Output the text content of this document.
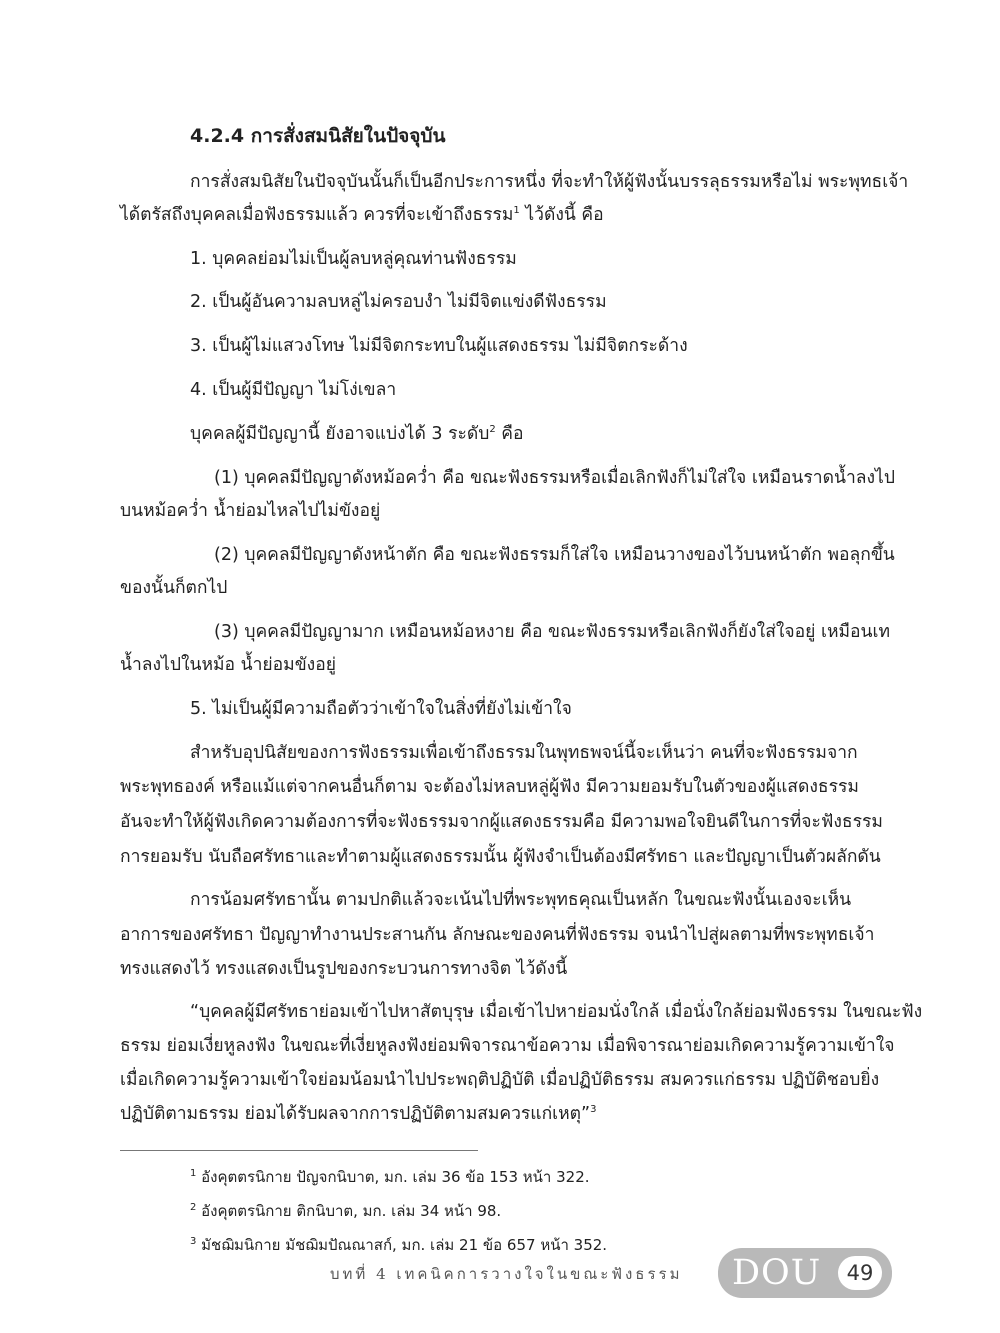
4.2.4 การสั่งสมนิสัยในปัจจุบัน

การสั่งสมนิสัยในปัจจุบันนั้นก็เป็นอีกประการหนึ่ง ที่จะทำให้ผู้ฟังนั้นบรรลุธรรมหรือไม่ พระพุทธเจ้า

ได้ตรัสถึงบุคคลเมื่อฟังธรรมแล้ว ควรที่จะเข้าถึงธรรม$^1$ ไว้ดังนี้ คือ

1. บุคคลย่อมไม่เป็นผู้ลบหลู่คุณท่านฟังธรรม

2. เป็นผู้อันความลบหลู่ไม่ครอบงำ ไม่มีจิตแข่งดีฟังธรรม

3. เป็นผู้ไม่แสวงโทษ ไม่มีจิตกระทบในผู้แสดงธรรม ไม่มีจิตกระด้าง

4. เป็นผู้มีปัญญา ไม่โง่เขลา

บุคคลผู้มีปัญญานี้ ยังอาจแบ่งได้ 3 ระดับ$^2$ คือ

(1) บุคคลมีปัญญาดังหม้อคว่ำ คือ ขณะฟังธรรมหรือเมื่อเลิกฟังก็ไม่ใส่ใจ เหมือนราดน้ำลงไป

บนหม้อคว่ำ น้ำย่อมไหลไปไม่ขังอยู่

(2) บุคคลมีปัญญาดังหน้าตัก คือ ขณะฟังธรรมก็ใส่ใจ เหมือนวางของไว้บนหน้าตัก พอลุกขึ้น

ของนั้นก็ตกไป

(3) บุคคลมีปัญญามาก เหมือนหม้อหงาย คือ ขณะฟังธรรมหรือเลิกฟังก็ยังใส่ใจอยู่ เหมือนเท

น้ำลงไปในหม้อ น้ำย่อมขังอยู่

5. ไม่เป็นผู้มีความถือตัวว่าเข้าใจในสิ่งที่ยังไม่เข้าใจ

สำหรับอุปนิสัยของการฟังธรรมเพื่อเข้าถึงธรรมในพุทธพจน์นี้จะเห็นว่า คนที่จะฟังธรรมจาก

พระพุทธองค์ หรือแม้แต่จากคนอื่นก็ตาม จะต้องไม่หลบหลู่ผู้ฟัง มีความยอมรับในตัวของผู้แสดงธรรม

อันจะทำให้ผู้ฟังเกิดความต้องการที่จะฟังธรรมจากผู้แสดงธรรมคือ มีความพอใจยินดีในการที่จะฟังธรรม

การยอมรับ นับถือศรัทธาและทำตามผู้แสดงธรรมนั้น ผู้ฟังจำเป็นต้องมีศรัทธา และปัญญาเป็นตัวผลักดัน

การน้อมศรัทธานั้น ตามปกติแล้วจะเน้นไปที่พระพุทธคุณเป็นหลัก ในขณะฟังนั้นเองจะเห็น

อาการของศรัทธา ปัญญาทำงานประสานกัน ลักษณะของคนที่ฟังธรรม จนนำไปสู่ผลตามที่พระพุทธเจ้า

ทรงแสดงไว้ ทรงแสดงเป็นรูปของกระบวนการทางจิต ไว้ดังนี้

“บุคคลผู้มีศรัทธาย่อมเข้าไปหาสัตบุรุษ เมื่อเข้าไปหาย่อมนั่งใกล้ เมื่อนั่งใกล้ย่อมฟังธรรม ในขณะฟัง

ธรรม ย่อมเงี่ยหูลงฟัง ในขณะที่เงี่ยหูลงฟังย่อมพิจารณาข้อความ เมื่อพิจารณาย่อมเกิดความรู้ความเข้าใจ

เมื่อเกิดความรู้ความเข้าใจย่อมน้อมนำไปประพฤติปฏิบัติ เมื่อปฏิบัติธรรม สมควรแก่ธรรม ปฏิบัติชอบยิ่ง

ปฏิบัติตามธรรม ย่อมได้รับผลจากการปฏิบัติตามสมควรแก่เหตุ”$^3$

$^1$ อังคุตตรนิกาย ปัญจกนิบาต, มก. เล่ม 36 ข้อ 153 หน้า 322.

$^2$ อังคุตตรนิกาย ติกนิบาต, มก. เล่ม 34 หน้า 98.

$^3$ มัชฌิมนิกาย มัชฌิมปัณณาสก์, มก. เล่ม 21 ข้อ 657 หน้า 352.

บทที่ 4 เทคนิคการวางใจในขณะฟังธรรม DOU	49
